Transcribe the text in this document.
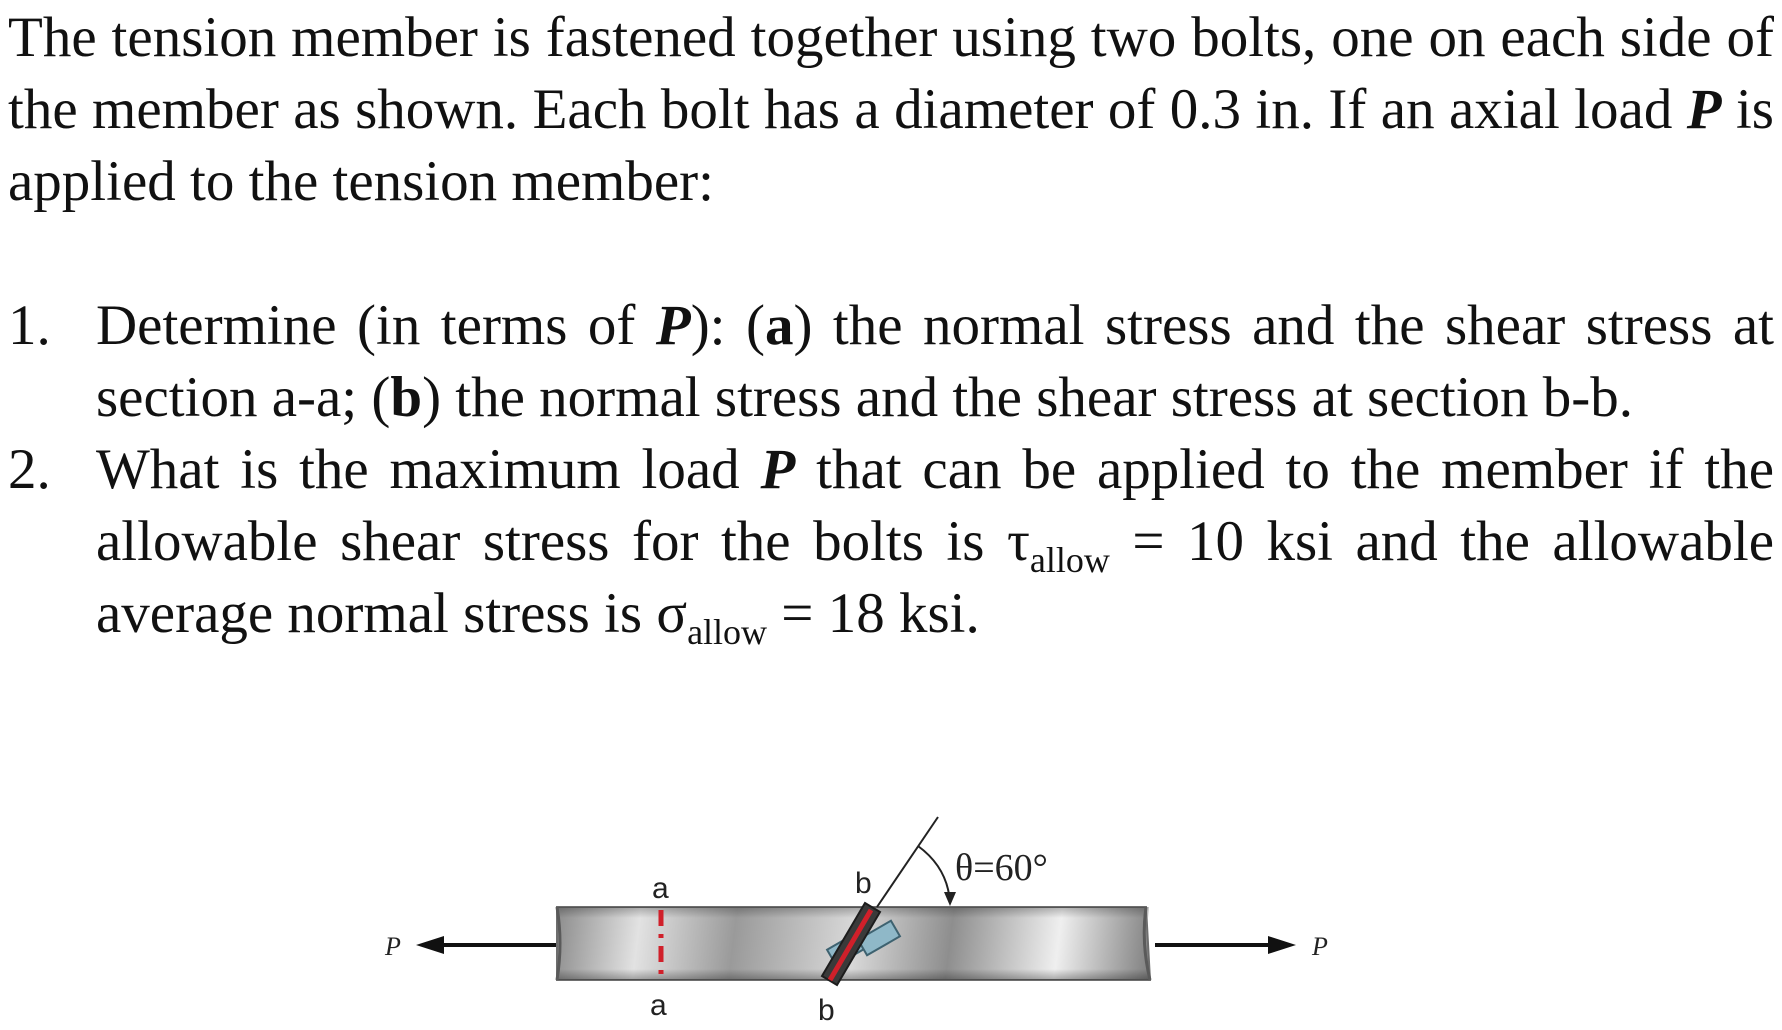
The tension member is fastened together using two bolts, one on each side of the member as shown. Each bolt has a diameter of 0.3 in. If an axial load P is applied to the tension member:

1. Determine (in terms of P): (a) the normal stress and the shear stress at section a-a; (b) the normal stress and the shear stress at section b-b.
2. What is the maximum load P that can be applied to the member if the allowable shear stress for the bolts is $\tau_{allow} = 10$ ksi and the allowable average normal stress is $\sigma_{allow} = 18$ ksi.
P
a
a
b
b
θ=60°
P
